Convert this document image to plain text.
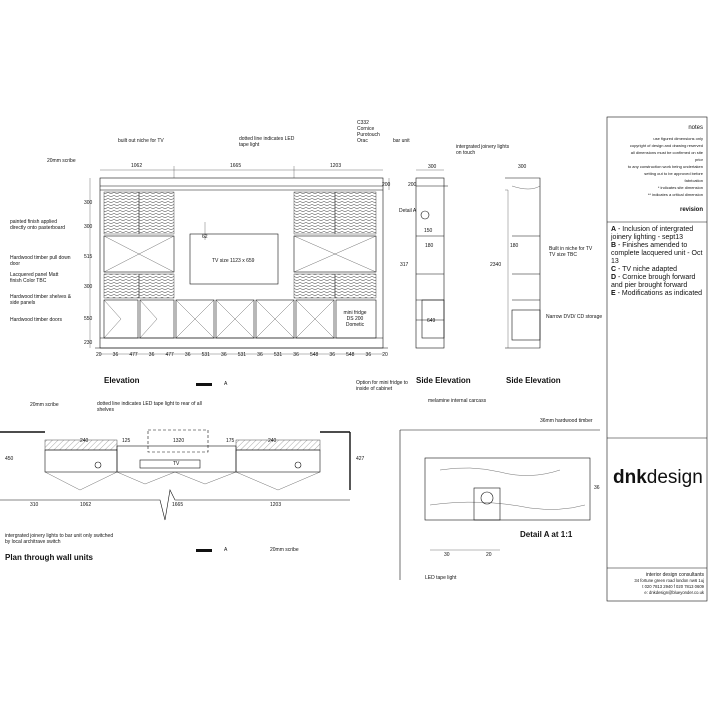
1062	1665	1203
200
20mm scribe
built out niche for TV	dotted line indicates LED tape light
C332 Cornice Purotouch Orac	bar unit
intergrated joinery lights on touch
painted finish applied directly onto pasterboard
Hardwood timber pull down door
Lacquered panel Matt finish Color TBC
Hardwood timber shelves & side panels
Hardwood timber doors
300
300
515
300
550
230
TV size 1123 x 659
62
mini fridge DS 200 Dometic
20 36 477 36 477 36 531 36 531 36 531 36 548 36 548 36 20
Elevation	A	Option for mini fridge to inside of cabinet
300
150
317
180
649
200
Detail A
Side Elevation
300
180
2340
Built in niche for TV TV size TBC
Narrow DVD/ CD storage
Side Elevation
melamine internal carcass
20mm scribe	dotted line indicates LED tape light to rear of all shelves
240	125	1320	175	240
450	427
TV
310	1062	1665	1203
intergrated joinery lights to bar unit only switched by local architrave switch
Plan through wall units
A	20mm scribe
36mm hardwood timber
30	20
36
Detail A at 1:1
LED tape light
notes
use figured dimensions only
copyright of design and drawing reserved
all dimensions must be confirmed on site
prior
to any construction work being undertaken
setting out to be approved before
fabrication
* indicates site dimension
** indicates a critical dimension
revision
A - Inclusion of intergrated joinery lighting - sept13
B - Finishes amended to complete lacquered unit - Oct 13
C - TV niche adapted
D - Cornice brough forward and pier brought forward
E - Modifications as indicated
dnkdesign
interior design consultants
34 fortune green road london nw6 1uj
t 020 7813 2940 f 020 7813 0609
e: dnkdesign@blueyonder.co.uk
